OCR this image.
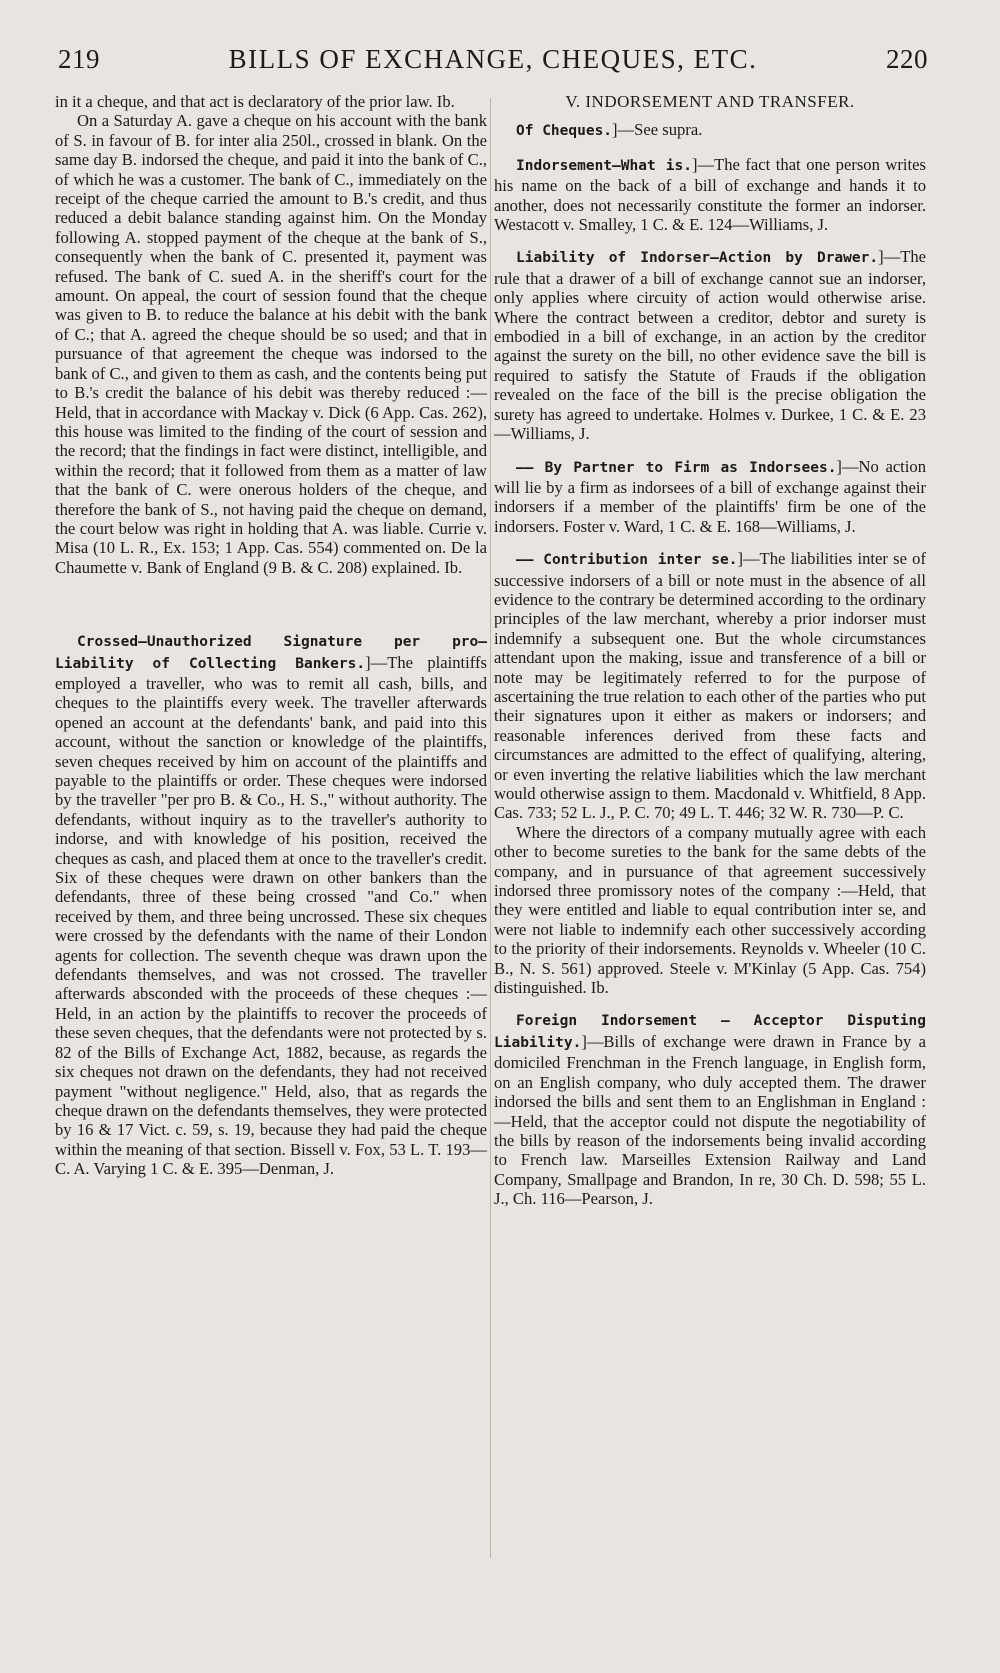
219	BILLS OF EXCHANGE, CHEQUES, ETC.	220

in it a cheque, and that act is declaratory of the prior law. Ib.

On a Saturday A. gave a cheque on his account with the bank of S. in favour of B. for inter alia 250l., crossed in blank. On the same day B. indorsed the cheque, and paid it into the bank of C., of which he was a customer. The bank of C., immediately on the receipt of the cheque carried the amount to B.'s credit, and thus reduced a debit balance standing against him. On the Monday following A. stopped payment of the cheque at the bank of S., consequently when the bank of C. presented it, payment was refused. The bank of C. sued A. in the sheriff's court for the amount. On appeal, the court of session found that the cheque was given to B. to reduce the balance at his debit with the bank of C.; that A. agreed the cheque should be so used; and that in pursuance of that agreement the cheque was indorsed to the bank of C., and given to them as cash, and the contents being put to B.'s credit the balance of his debit was thereby reduced :—Held, that in accordance with Mackay v. Dick (6 App. Cas. 262), this house was limited to the finding of the court of session and the record; that the findings in fact were distinct, intelligible, and within the record; that it followed from them as a matter of law that the bank of C. were onerous holders of the cheque, and therefore the bank of S., not having paid the cheque on demand, the court below was right in holding that A. was liable. Currie v. Misa (10 L. R., Ex. 153; 1 App. Cas. 554) commented on. De la Chaumette v. Bank of England (9 B. & C. 208) explained. Ib.

Crossed—Unauthorized Signature per pro—Liability of Collecting Bankers.]—The plaintiffs employed a traveller, who was to remit all cash, bills, and cheques to the plaintiffs every week. The traveller afterwards opened an account at the defendants' bank, and paid into this account, without the sanction or knowledge of the plaintiffs, seven cheques received by him on account of the plaintiffs and payable to the plaintiffs or order. These cheques were indorsed by the traveller "per pro B. & Co., H. S.," without authority. The defendants, without inquiry as to the traveller's authority to indorse, and with knowledge of his position, received the cheques as cash, and placed them at once to the traveller's credit. Six of these cheques were drawn on other bankers than the defendants, three of these being crossed "and Co." when received by them, and three being uncrossed. These six cheques were crossed by the defendants with the name of their London agents for collection. The seventh cheque was drawn upon the defendants themselves, and was not crossed. The traveller afterwards absconded with the proceeds of these cheques :—Held, in an action by the plaintiffs to recover the proceeds of these seven cheques, that the defendants were not protected by s. 82 of the Bills of Exchange Act, 1882, because, as regards the six cheques not drawn on the defendants, they had not received payment "without negligence." Held, also, that as regards the cheque drawn on the defendants themselves, they were protected by 16 & 17 Vict. c. 59, s. 19, because they had paid the cheque within the meaning of that section. Bissell v. Fox, 53 L. T. 193—C. A. Varying 1 C. & E. 395—Denman, J.

V. INDORSEMENT AND TRANSFER.

Of Cheques.]—See supra.

Indorsement—What is.]—The fact that one person writes his name on the back of a bill of exchange and hands it to another, does not necessarily constitute the former an indorser. Westacott v. Smalley, 1 C. & E. 124—Williams, J.

Liability of Indorser—Action by Drawer.]—The rule that a drawer of a bill of exchange cannot sue an indorser, only applies where circuity of action would otherwise arise. Where the contract between a creditor, debtor and surety is embodied in a bill of exchange, in an action by the creditor against the surety on the bill, no other evidence save the bill is required to satisfy the Statute of Frauds if the obligation revealed on the face of the bill is the precise obligation the surety has agreed to undertake. Holmes v. Durkee, 1 C. & E. 23—Williams, J.

—— By Partner to Firm as Indorsees.]—No action will lie by a firm as indorsees of a bill of exchange against their indorsers if a member of the plaintiffs' firm be one of the indorsers. Foster v. Ward, 1 C. & E. 168—Williams, J.

—— Contribution inter se.]—The liabilities inter se of successive indorsers of a bill or note must in the absence of all evidence to the contrary be determined according to the ordinary principles of the law merchant, whereby a prior indorser must indemnify a subsequent one. But the whole circumstances attendant upon the making, issue and transference of a bill or note may be legitimately referred to for the purpose of ascertaining the true relation to each other of the parties who put their signatures upon it either as makers or indorsers; and reasonable inferences derived from these facts and circumstances are admitted to the effect of qualifying, altering, or even inverting the relative liabilities which the law merchant would otherwise assign to them. Macdonald v. Whitfield, 8 App. Cas. 733; 52 L. J., P. C. 70; 49 L. T. 446; 32 W. R. 730—P. C.

Where the directors of a company mutually agree with each other to become sureties to the bank for the same debts of the company, and in pursuance of that agreement successively indorsed three promissory notes of the company :—Held, that they were entitled and liable to equal contribution inter se, and were not liable to indemnify each other successively according to the priority of their indorsements. Reynolds v. Wheeler (10 C. B., N. S. 561) approved. Steele v. M'Kinlay (5 App. Cas. 754) distinguished. Ib.

Foreign Indorsement — Acceptor Disputing Liability.]—Bills of exchange were drawn in France by a domiciled Frenchman in the French language, in English form, on an English company, who duly accepted them. The drawer indorsed the bills and sent them to an Englishman in England :—Held, that the acceptor could not dispute the negotiability of the bills by reason of the indorsements being invalid according to French law. Marseilles Extension Railway and Land Company, Smallpage and Brandon, In re, 30 Ch. D. 598; 55 L. J., Ch. 116—Pearson, J.
